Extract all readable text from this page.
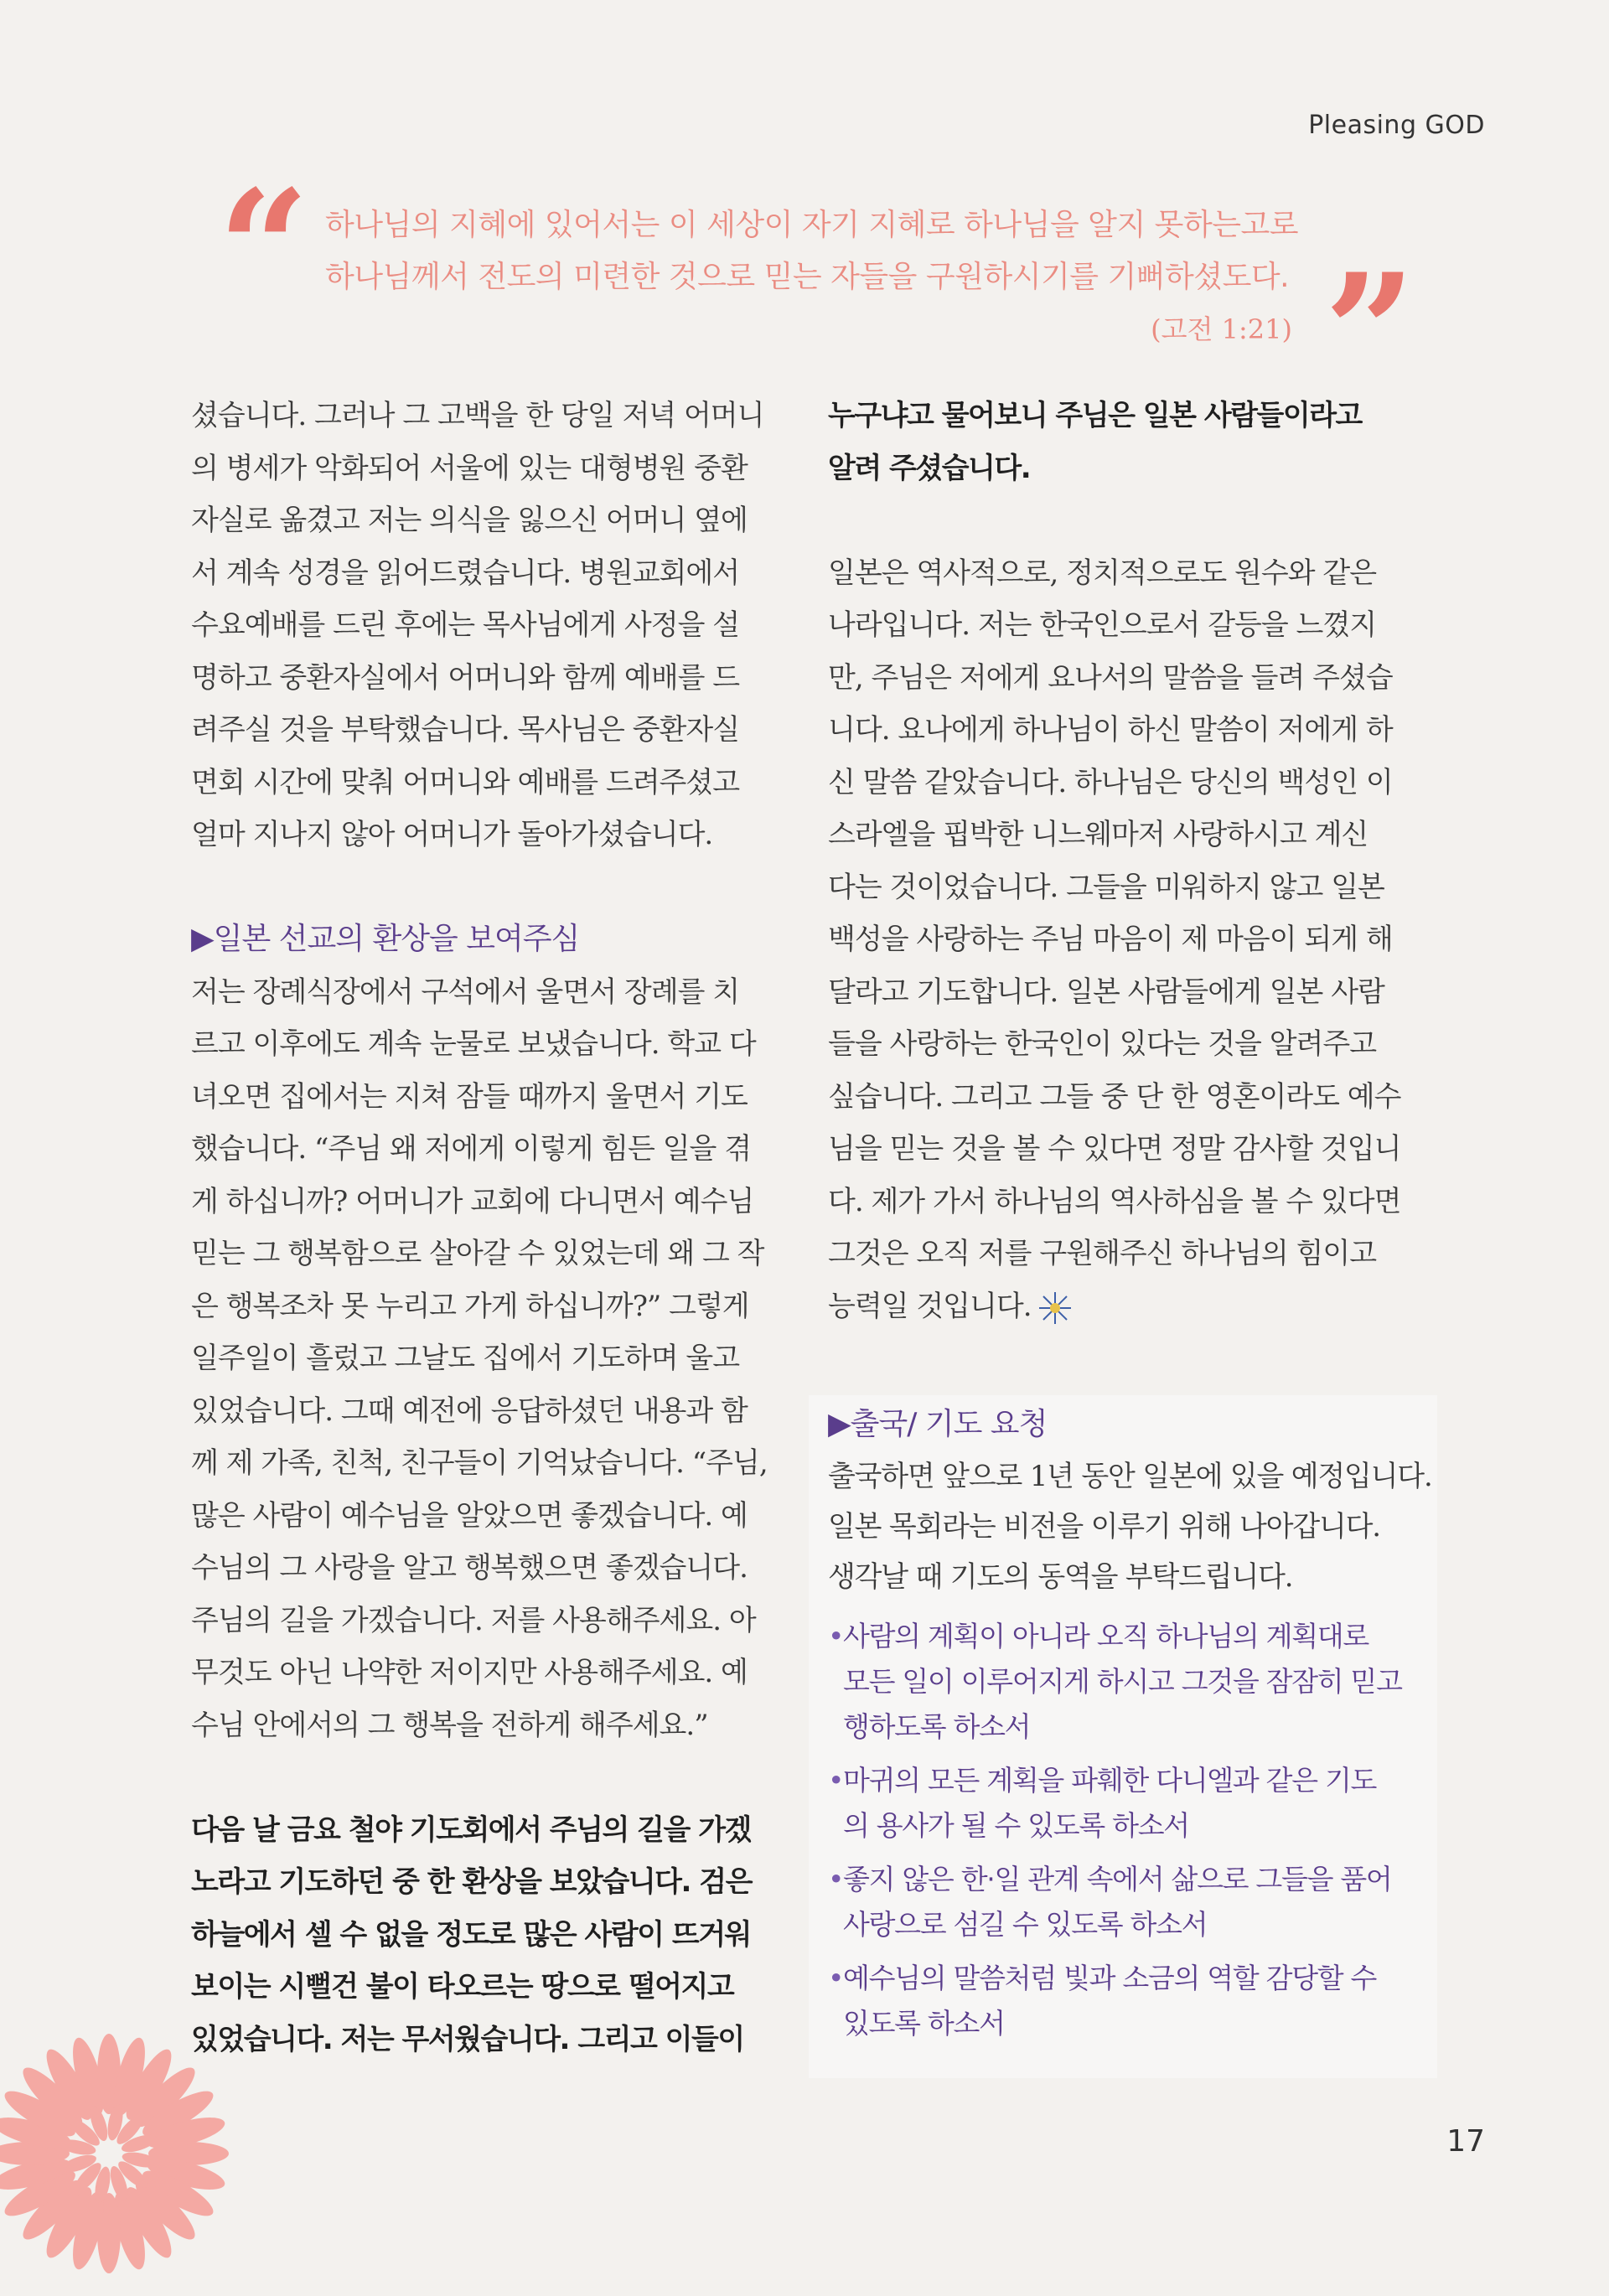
Pleasing GOD
“ 하나님의 지혜에 있어서는 이 세상이 자기 지혜로 하나님을 알지 못하는고로
하나님께서 전도의 미련한 것으로 믿는 자들을 구원하시기를 기뻐하셨도다.
(고전 1:21) ”
셨습니다. 그러나 그 고백을 한 당일 저녁 어머니
의 병세가 악화되어 서울에 있는 대형병원 중환
자실로 옮겼고 저는 의식을 잃으신 어머니 옆에
서 계속 성경을 읽어드렸습니다. 병원교회에서
수요예배를 드린 후에는 목사님에게 사정을 설
명하고 중환자실에서 어머니와 함께 예배를 드
려주실 것을 부탁했습니다. 목사님은 중환자실
면회 시간에 맞춰 어머니와 예배를 드려주셨고
얼마 지나지 않아 어머니가 돌아가셨습니다.
▶일본 선교의 환상을 보여주심
저는 장례식장에서 구석에서 울면서 장례를 치
르고 이후에도 계속 눈물로 보냈습니다. 학교 다
녀오면 집에서는 지쳐 잠들 때까지 울면서 기도
했습니다. “주님 왜 저에게 이렇게 힘든 일을 겪
게 하십니까? 어머니가 교회에 다니면서 예수님
믿는 그 행복함으로 살아갈 수 있었는데 왜 그 작
은 행복조차 못 누리고 가게 하십니까?” 그렇게
일주일이 흘렀고 그날도 집에서 기도하며 울고
있었습니다. 그때 예전에 응답하셨던 내용과 함
께 제 가족, 친척, 친구들이 기억났습니다. “주님,
많은 사람이 예수님을 알았으면 좋겠습니다. 예
수님의 그 사랑을 알고 행복했으면 좋겠습니다.
주님의 길을 가겠습니다. 저를 사용해주세요. 아
무것도 아닌 나약한 저이지만 사용해주세요. 예
수님 안에서의 그 행복을 전하게 해주세요.”
다음 날 금요 철야 기도회에서 주님의 길을 가겠
노라고 기도하던 중 한 환상을 보았습니다. 검은
하늘에서 셀 수 없을 정도로 많은 사람이 뜨거워
보이는 시뻘건 불이 타오르는 땅으로 떨어지고
있었습니다. 저는 무서웠습니다. 그리고 이들이
누구냐고 물어보니 주님은 일본 사람들이라고
알려 주셨습니다.
일본은 역사적으로, 정치적으로도 원수와 같은
나라입니다. 저는 한국인으로서 갈등을 느꼈지
만, 주님은 저에게 요나서의 말씀을 들려 주셨습
니다. 요나에게 하나님이 하신 말씀이 저에게 하
신 말씀 같았습니다. 하나님은 당신의 백성인 이
스라엘을 핍박한 니느웨마저 사랑하시고 계신
다는 것이었습니다. 그들을 미워하지 않고 일본
백성을 사랑하는 주님 마음이 제 마음이 되게 해
달라고 기도합니다. 일본 사람들에게 일본 사람
들을 사랑하는 한국인이 있다는 것을 알려주고
싶습니다. 그리고 그들 중 단 한 영혼이라도 예수
님을 믿는 것을 볼 수 있다면 정말 감사할 것입니
다. 제가 가서 하나님의 역사하심을 볼 수 있다면
그것은 오직 저를 구원해주신 하나님의 힘이고
능력일 것입니다.
▶출국/ 기도 요청
출국하면 앞으로 1년 동안 일본에 있을 예정입니다.
일본 목회라는 비전을 이루기 위해 나아갑니다.
생각날 때 기도의 동역을 부탁드립니다.
•사람의 계획이 아니라 오직 하나님의 계획대로
모든 일이 이루어지게 하시고 그것을 잠잠히 믿고
행하도록 하소서
•마귀의 모든 계획을 파훼한 다니엘과 같은 기도
의 용사가 될 수 있도록 하소서
•좋지 않은 한·일 관계 속에서 삶으로 그들을 품어
사랑으로 섬길 수 있도록 하소서
•예수님의 말씀처럼 빛과 소금의 역할 감당할 수
있도록 하소서
17
